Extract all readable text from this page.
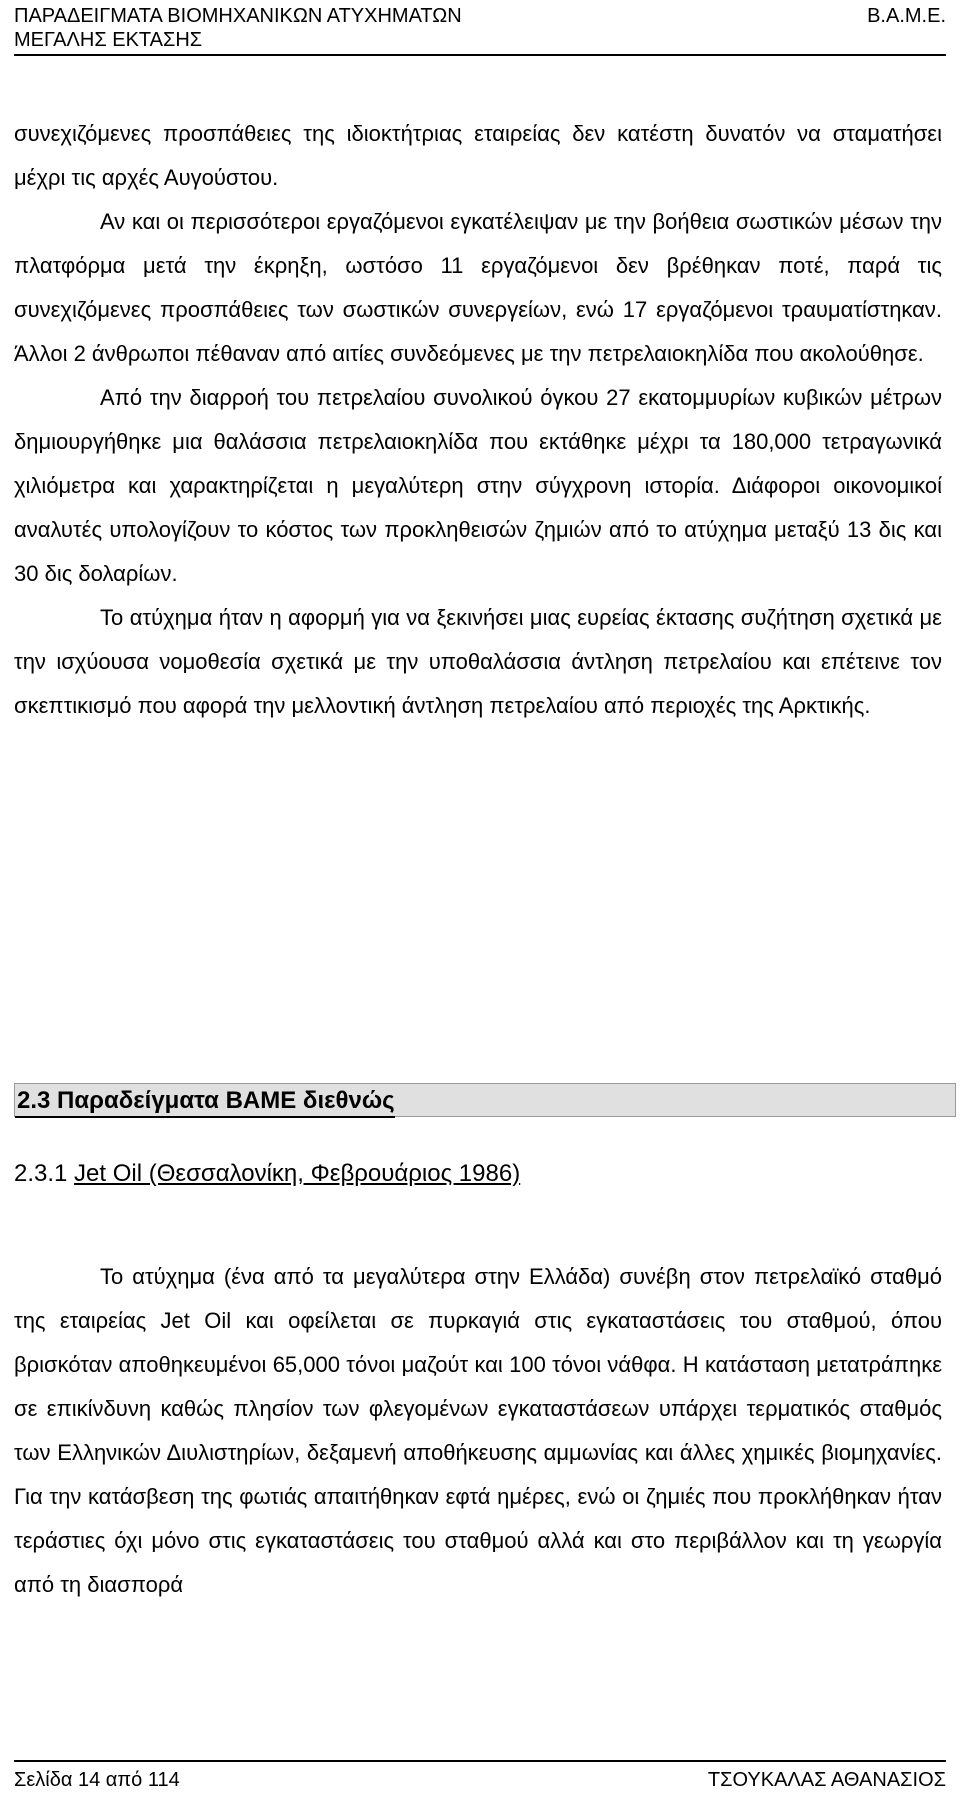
ΠΑΡΑΔΕΙΓΜΑΤΑ ΒΙΟΜΗΧΑΝΙΚΩΝ ΑΤΥΧΗΜΑΤΩΝ
ΜΕΓΑΛΗΣ ΕΚΤΑΣΗΣ
Β.Α.Μ.Ε.

συνεχιζόμενες προσπάθειες της ιδιοκτήτριας εταιρείας δεν κατέστη δυνατόν να σταματήσει μέχρι τις αρχές Αυγούστου.

Αν και οι περισσότεροι εργαζόμενοι εγκατέλειψαν με την βοήθεια σωστικών μέσων την πλατφόρμα μετά την έκρηξη, ωστόσο 11 εργαζόμενοι δεν βρέθηκαν ποτέ, παρά τις συνεχιζόμενες προσπάθειες των σωστικών συνεργείων, ενώ 17 εργαζόμενοι τραυματίστηκαν. Άλλοι 2 άνθρωποι πέθαναν από αιτίες συνδεόμενες με την πετρελαιοκηλίδα που ακολούθησε.

Από την διαρροή του πετρελαίου συνολικού όγκου 27 εκατομμυρίων κυβικών μέτρων δημιουργήθηκε μια θαλάσσια πετρελαιοκηλίδα που εκτάθηκε μέχρι τα 180,000 τετραγωνικά χιλιόμετρα και χαρακτηρίζεται η μεγαλύτερη στην σύγχρονη ιστορία. Διάφοροι οικονομικοί αναλυτές υπολογίζουν το κόστος των προκληθεισών ζημιών από το ατύχημα μεταξύ 13 δις και 30 δις δολαρίων.

Το ατύχημα ήταν η αφορμή για να ξεκινήσει μιας ευρείας έκτασης συζήτηση σχετικά με την ισχύουσα νομοθεσία σχετικά με την υποθαλάσσια άντληση πετρελαίου και επέτεινε τον σκεπτικισμό που αφορά την μελλοντική άντληση πετρελαίου από περιοχές της Αρκτικής.

2.3 Παραδείγματα ΒΑΜΕ διεθνώς
2.3.1 Jet Oil (Θεσσαλονίκη, Φεβρουάριος 1986)

Το ατύχημα (ένα από τα μεγαλύτερα στην Ελλάδα) συνέβη στον πετρελαϊκό σταθμό της εταιρείας Jet Oil και οφείλεται σε πυρκαγιά στις εγκαταστάσεις του σταθμού, όπου βρισκόταν αποθηκευμένοι 65,000 τόνοι μαζούτ και 100 τόνοι νάθφα. Η κατάσταση μετατράπηκε σε επικίνδυνη καθώς πλησίον των φλεγομένων εγκαταστάσεων υπάρχει τερματικός σταθμός των Ελληνικών Διυλιστηρίων, δεξαμενή αποθήκευσης αμμωνίας και άλλες χημικές βιομηχανίες. Για την κατάσβεση της φωτιάς απαιτήθηκαν εφτά ημέρες, ενώ οι ζημιές που προκλήθηκαν ήταν τεράστιες όχι μόνο στις εγκαταστάσεις του σταθμού αλλά και στο περιβάλλον και τη γεωργία από τη διασπορά

Σελίδα 14 από 114	ΤΣΟΥΚΑΛΑΣ ΑΘΑΝΑΣΙΟΣ
